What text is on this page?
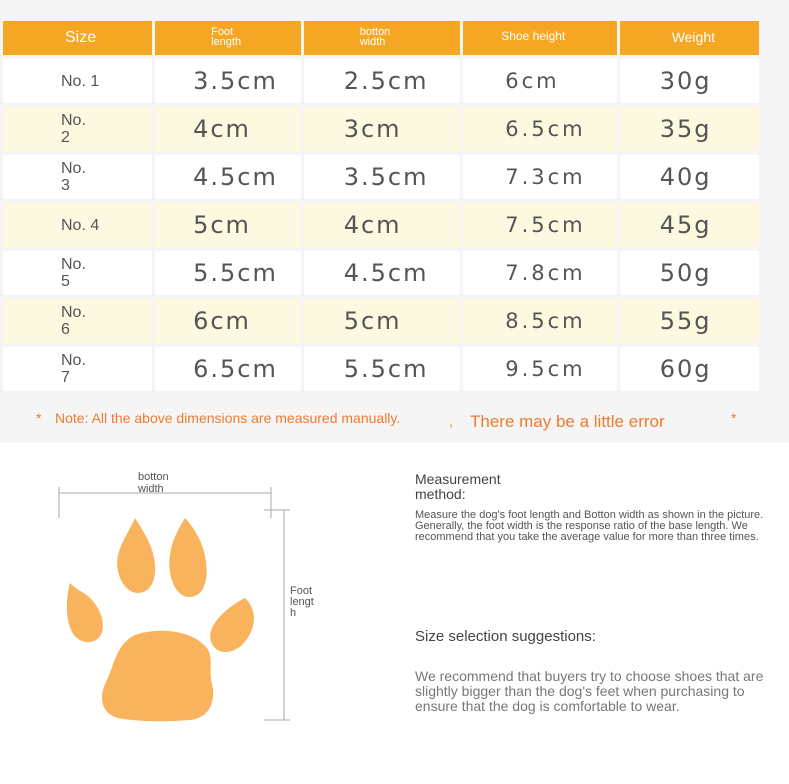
Size	Foot length	botton width	Shoe height	Weight
No. 1	3.5cm	2.5cm	6cm	30g
No. 2	4cm	3cm	6.5cm	35g
No. 3	4.5cm	3.5cm	7.3cm	40g
No. 4	5cm	4cm	7.5cm	45g
No. 5	5.5cm	4.5cm	7.8cm	50g
No. 6	6cm	5cm	8.5cm	55g
No. 7	6.5cm	5.5cm	9.5cm	60g
* Note: All the above dimensions are measured manually.	, There may be a little error	*
botton width
Foot length
Measurement method:
Measure the dog's foot length and Botton width as shown in the picture. Generally, the foot width is the response ratio of the base length. We recommend that you take the average value for more than three times.
Size selection suggestions:
We recommend that buyers try to choose shoes that are slightly bigger than the dog's feet when purchasing to ensure that the dog is comfortable to wear.
